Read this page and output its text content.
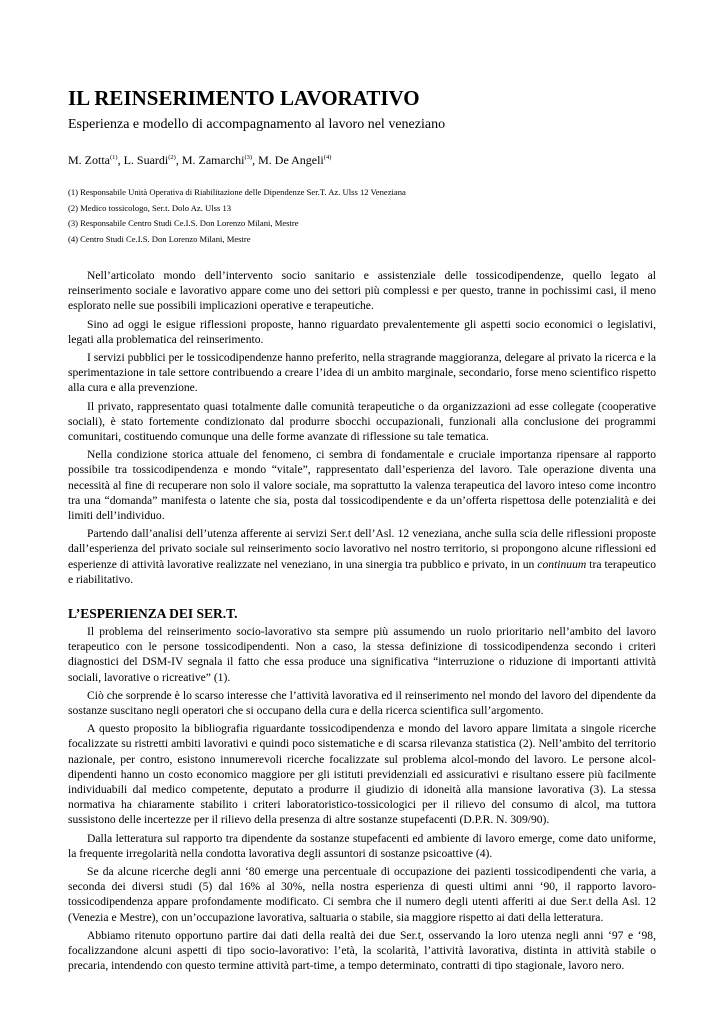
IL REINSERIMENTO LAVORATIVO
Esperienza e modello di accompagnamento al lavoro nel veneziano
M. Zotta$^{(1)}$, L. Suardi$^{(2)}$, M. Zamarchi$^{(3)}$, M. De Angeli$^{(4)}$
(1) Responsabile Unità Operativa di Riabilitazione delle Dipendenze Ser.T. Az. Ulss 12 Veneziana
(2) Medico tossicologo, Ser.t. Dolo Az. Ulss 13
(3) Responsabile Centro Studi Ce.I.S. Don Lorenzo Milani, Mestre
(4) Centro Studi Ce.I.S. Don Lorenzo Milani, Mestre

Nell’articolato mondo dell’intervento socio sanitario e assistenziale delle tossicodipendenze, quello legato al reinserimento sociale e lavorativo appare come uno dei settori più complessi e per questo, tranne in pochissimi casi, il meno esplorato nelle sue possibili implicazioni operative e terapeutiche.

Sino ad oggi le esigue riflessioni proposte, hanno riguardato prevalentemente gli aspetti socio economici o legislativi, legati alla problematica del reinserimento.

I servizi pubblici per le tossicodipendenze hanno preferito, nella stragrande maggioranza, delegare al privato la ricerca e la sperimentazione in tale settore contribuendo a creare l’idea di un ambito marginale, secondario, forse meno scientifico rispetto alla cura e alla prevenzione.

Il privato, rappresentato quasi totalmente dalle comunità terapeutiche o da organizzazioni ad esse collegate (cooperative sociali), è stato fortemente condizionato dal produrre sbocchi occupazionali, funzionali alla conclusione dei programmi comunitari, costituendo comunque una delle forme avanzate di riflessione su tale tematica.

Nella condizione storica attuale del fenomeno, ci sembra di fondamentale e cruciale importanza ripensare al rapporto possibile tra tossicodipendenza e mondo “vitale”, rappresentato dall’esperienza del lavoro. Tale operazione diventa una necessità al fine di recuperare non solo il valore sociale, ma soprattutto la valenza terapeutica del lavoro inteso come incontro tra una “domanda” manifesta o latente che sia, posta dal tossicodipendente e da un’offerta rispettosa delle potenzialità e dei limiti dell’individuo.

Partendo dall’analisi dell’utenza afferente ai servizi Ser.t dell’Asl. 12 veneziana, anche sulla scia delle riflessioni proposte dall’esperienza del privato sociale sul reinserimento socio lavorativo nel nostro territorio, si propongono alcune riflessioni ed esperienze di attività lavorative realizzate nel veneziano, in una sinergia tra pubblico e privato, in un continuum tra terapeutico e riabilitativo.

L’ESPERIENZA DEI SER.T.

Il problema del reinserimento socio-lavorativo sta sempre più assumendo un ruolo prioritario nell’ambito del lavoro terapeutico con le persone tossicodipendenti. Non a caso, la stessa definizione di tossicodipendenza secondo i criteri diagnostici del DSM-IV segnala il fatto che essa produce una significativa “interruzione o riduzione di importanti attività sociali, lavorative o ricreative” (1).

Ciò che sorprende è lo scarso interesse che l’attività lavorativa ed il reinserimento nel mondo del lavoro del dipendente da sostanze suscitano negli operatori che si occupano della cura e della ricerca scientifica sull’argomento.

A questo proposito la bibliografia riguardante tossicodipendenza e mondo del lavoro appare limitata a singole ricerche focalizzate su ristretti ambiti lavorativi e quindi poco sistematiche e di scarsa rilevanza statistica (2). Nell’ambito del territorio nazionale, per contro, esistono innumerevoli ricerche focalizzate sul problema alcol-mondo del lavoro. Le persone alcol-dipendenti hanno un costo economico maggiore per gli istituti previdenziali ed assicurativi e risultano essere più facilmente individuabili dal medico competente, deputato a produrre il giudizio di idoneità alla mansione lavorativa (3). La stessa normativa ha chiaramente stabilito i criteri laboratoristico-tossicologici per il rilievo del consumo di alcol, ma tuttora sussistono delle incertezze per il rilievo della presenza di altre sostanze stupefacenti (D.P.R. N. 309/90).

Dalla letteratura sul rapporto tra dipendente da sostanze stupefacenti ed ambiente di lavoro emerge, come dato uniforme, la frequente irregolarità nella condotta lavorativa degli assuntori di sostanze psicoattive (4).

Se da alcune ricerche degli anni ‘80 emerge una percentuale di occupazione dei pazienti tossicodipendenti che varia, a seconda dei diversi studi (5) dal 16% al 30%, nella nostra esperienza di questi ultimi anni ‘90, il rapporto lavoro-tossicodipendenza appare profondamente modificato. Ci sembra che il numero degli utenti afferiti ai due Ser.t della Asl. 12 (Venezia e Mestre), con un’occupazione lavorativa, saltuaria o stabile, sia maggiore rispetto ai dati della letteratura.

Abbiamo ritenuto opportuno partire dai dati della realtà dei due Ser.t, osservando la loro utenza negli anni ‘97 e ‘98, focalizzandone alcuni aspetti di tipo socio-lavorativo: l’età, la scolarità, l’attività lavorativa, distinta in attività stabile o precaria, intendendo con questo termine attività part-time, a tempo determinato, contratti di tipo stagionale, lavoro nero.
